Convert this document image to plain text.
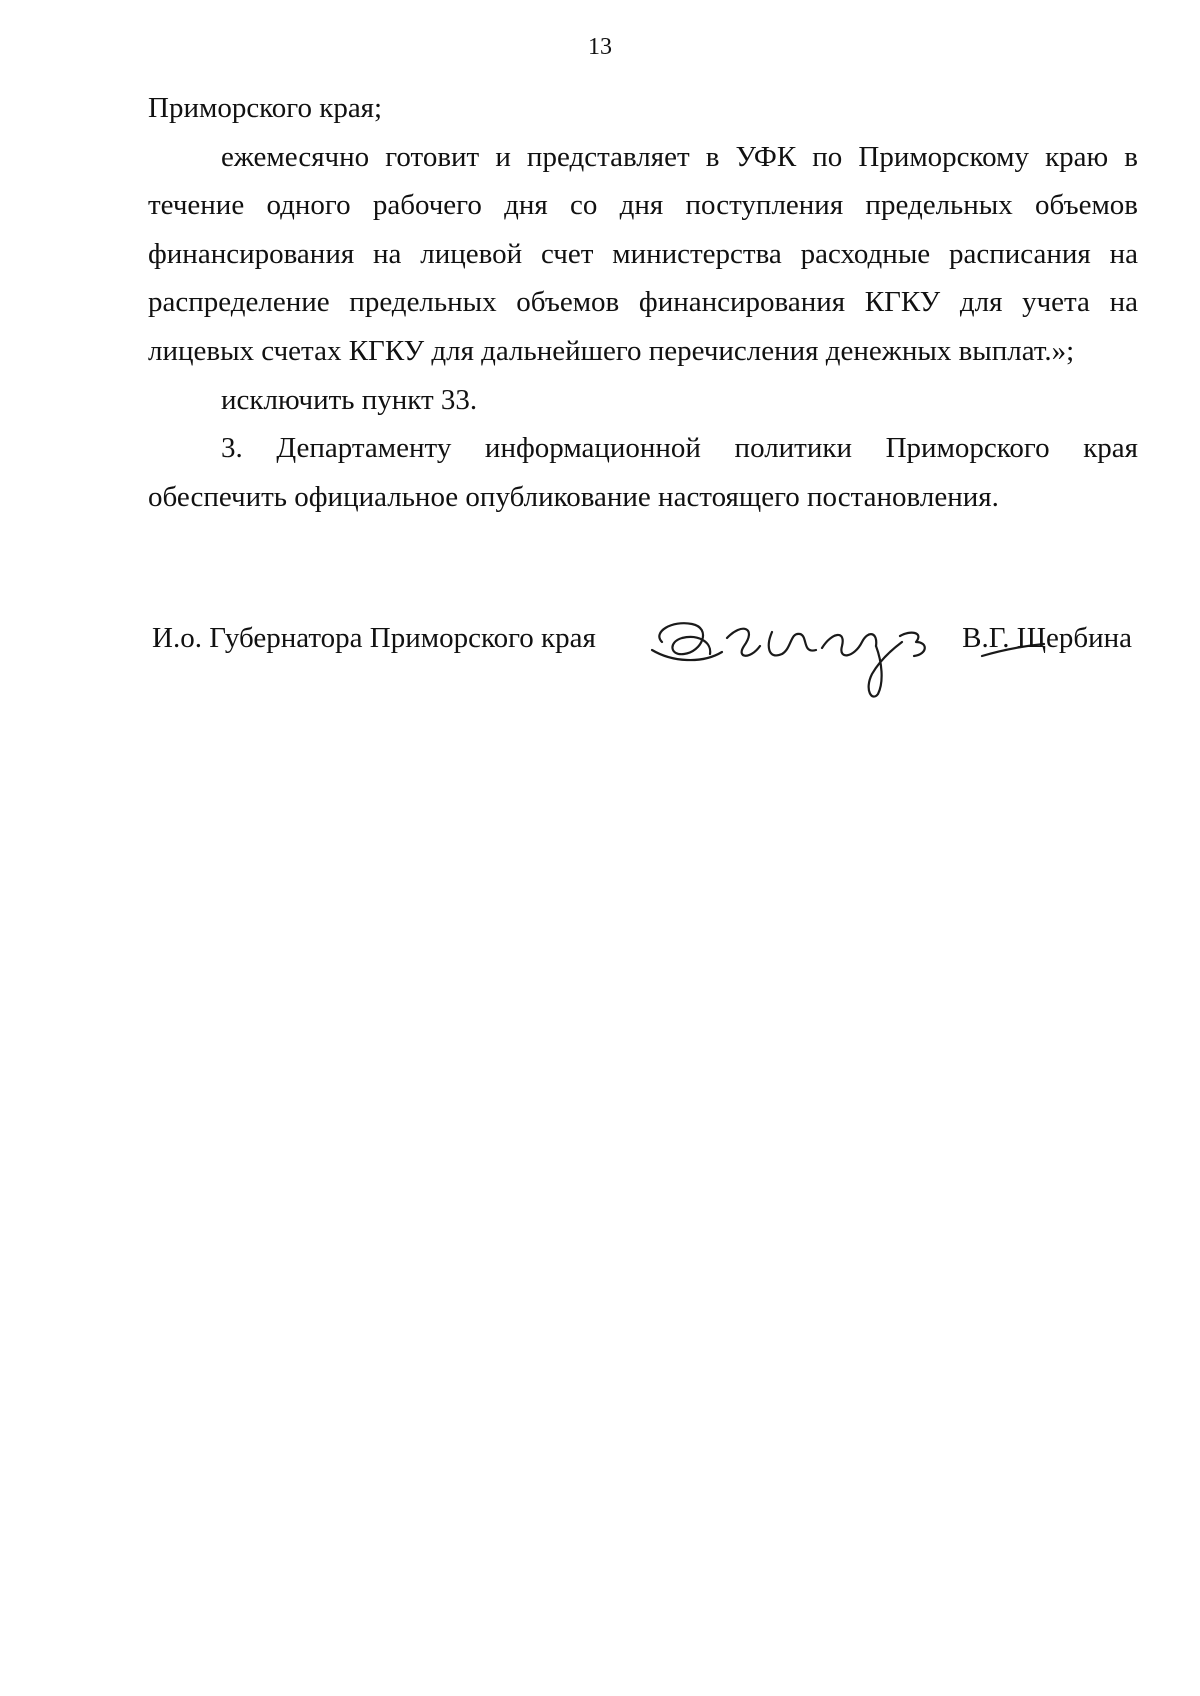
13

Приморского края;

ежемесячно готовит и представляет в УФК по Приморскому краю в течение одного рабочего дня со дня поступления предельных объемов финансирования на лицевой счет министерства расходные расписания на распределение предельных объемов финансирования КГКУ для учета на лицевых счетах КГКУ для дальнейшего перечисления денежных выплат.»;

исключить пункт 33.

3. Департаменту информационной политики Приморского края

обеспечить официальное опубликование настоящего постановления.

И.о. Губернатора Приморского края	В.Г. Щербина
